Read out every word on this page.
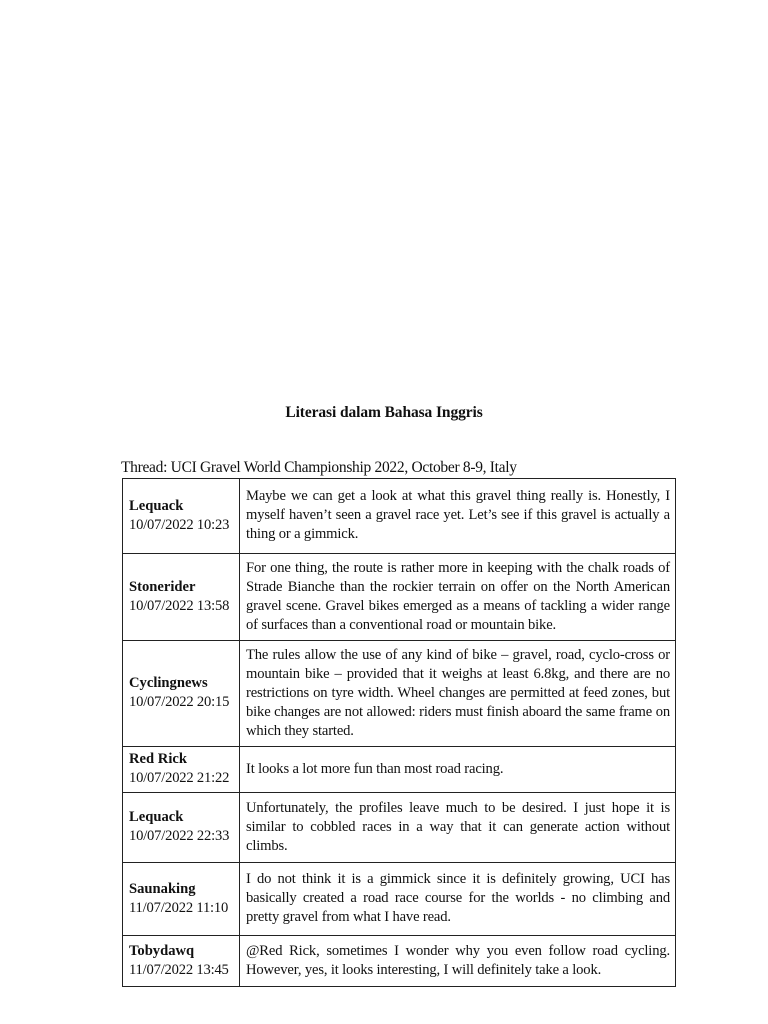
Literasi dalam Bahasa Inggris
Thread: UCI Gravel World Championship 2022, October 8-9, Italy
Lequack
10/07/2022 10:23	Maybe we can get a look at what this gravel thing really is. Honestly, I myself haven’t seen a gravel race yet. Let’s see if this gravel is actually a thing or a gimmick.

Stonerider
10/07/2022 13:58	For one thing, the route is rather more in keeping with the chalk roads of Strade Bianche than the rockier terrain on offer on the North American gravel scene. Gravel bikes emerged as a means of tackling a wider range of surfaces than a conventional road or mountain bike.

Cyclingnews
10/07/2022 20:15	The rules allow the use of any kind of bike – gravel, road, cyclo-cross or mountain bike – provided that it weighs at least 6.8kg, and there are no restrictions on tyre width. Wheel changes are permitted at feed zones, but bike changes are not allowed: riders must finish aboard the same frame on which they started.

Red Rick
10/07/2022 21:22	It looks a lot more fun than most road racing.

Lequack
10/07/2022 22:33	Unfortunately, the profiles leave much to be desired. I just hope it is similar to cobbled races in a way that it can generate action without climbs.

Saunaking
11/07/2022 11:10	I do not think it is a gimmick since it is definitely growing, UCI has basically created a road race course for the worlds - no climbing and pretty gravel from what I have read.

Tobydawq
11/07/2022 13:45	@Red Rick, sometimes I wonder why you even follow road cycling. However, yes, it looks interesting, I will definitely take a look.
